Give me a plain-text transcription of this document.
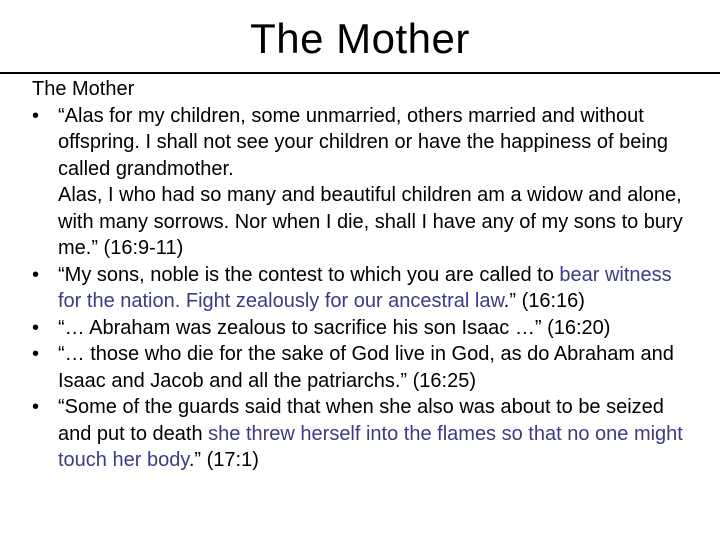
The Mother

The Mother

• “Alas for my children, some unmarried, others married and without offspring. I shall not see your children or have the happiness of being called grandmother.
Alas, I who had so many and beautiful children am a widow and alone, with many sorrows. Nor when I die, shall I have any of my sons to bury me.” (16:9-11)
• “My sons, noble is the contest to which you are called to bear witness for the nation. Fight zealously for our ancestral law.” (16:16)
• “… Abraham was zealous to sacrifice his son Isaac …” (16:20)
• “… those who die for the sake of God live in God, as do Abraham and Isaac and Jacob and all the patriarchs.” (16:25)
• “Some of the guards said that when she also was about to be seized and put to death she threw herself into the flames so that no one might touch her body.” (17:1)
